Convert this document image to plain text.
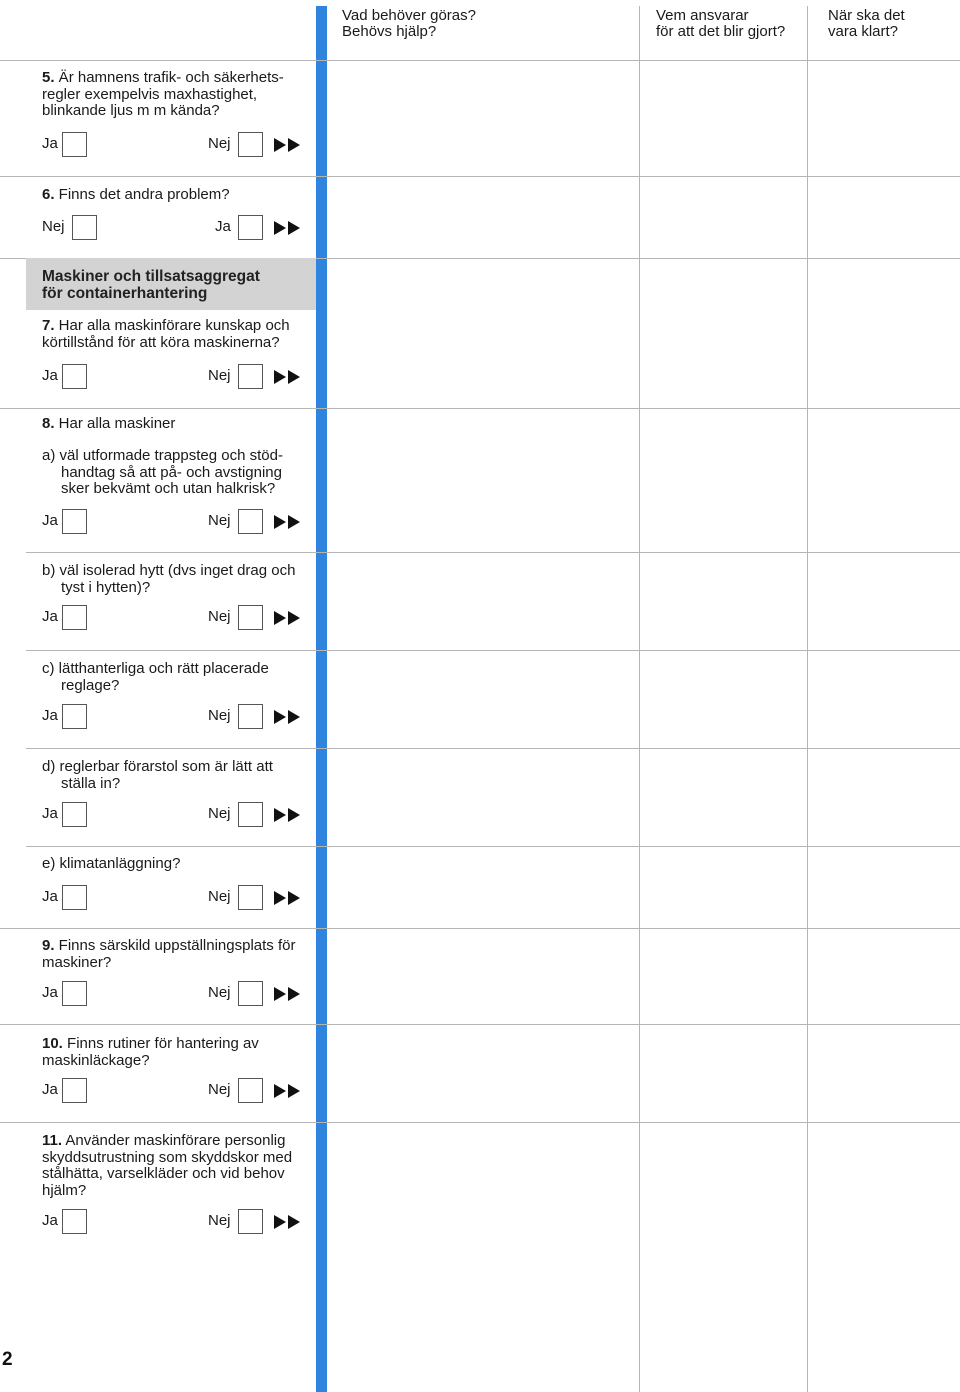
Vad behöver göras?
Behövs hjälp?
Vem ansvarar
för att det blir gjort?
När ska det
vara klart?
5. Är hamnens trafik- och säkerhets-
regler exempelvis maxhastighet,
blinkande ljus m m kända?
Ja	Nej
6. Finns det andra problem?
Nej	Ja
Maskiner och tillsatsaggregat
för containerhantering
7. Har alla maskinförare kunskap och
körtillstånd för att köra maskinerna?
Ja	Nej
8. Har alla maskiner
a) väl utformade trappsteg och stöd-
handtag så att på- och avstigning
sker bekvämt och utan halkrisk?
Ja	Nej
b) väl isolerad hytt (dvs inget drag och
tyst i hytten)?
Ja	Nej
c) lätthanterliga och rätt placerade
reglage?
Ja	Nej
d) reglerbar förarstol som är lätt att
ställa in?
Ja	Nej
e) klimatanläggning?
Ja	Nej
9. Finns särskild uppställningsplats för
maskiner?
Ja	Nej
10. Finns rutiner för hantering av
maskinläckage?
Ja	Nej
11. Använder maskinförare personlig
skyddsutrustning som skyddskor med
stålhätta, varselkläder och vid behov
hjälm?
Ja	Nej
2
